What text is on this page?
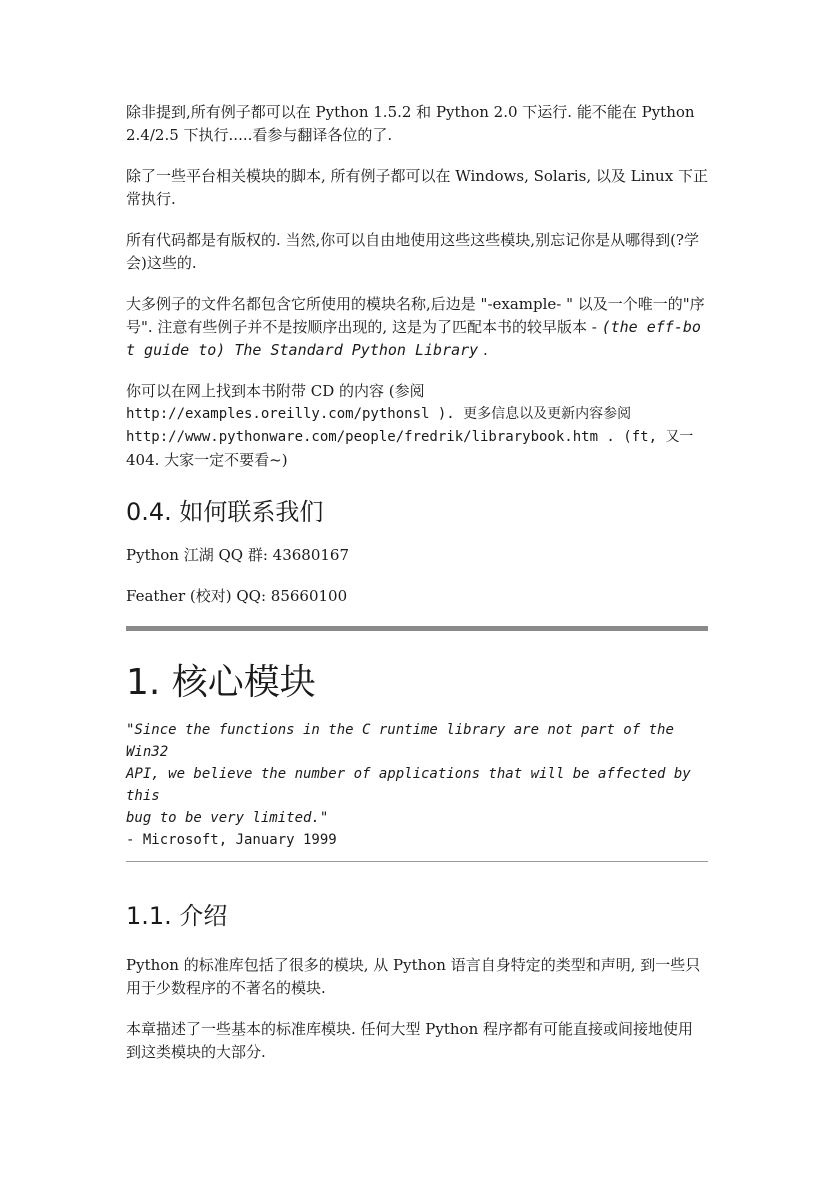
除非提到,所有例子都可以在 Python 1.5.2 和 Python 2.0 下运行. 能不能在 Python 2.4/2.5 下执行.....看参与翻译各位的了.

除了一些平台相关模块的脚本, 所有例子都可以在 Windows, Solaris, 以及 Linux 下正常执行.

所有代码都是有版权的. 当然,你可以自由地使用这些这些模块,别忘记你是从哪得到(?学会)这些的.

大多例子的文件名都包含它所使用的模块名称,后边是 "-example- " 以及一个唯一的"序号". 注意有些例子并不是按顺序出现的, 这是为了匹配本书的较早版本 - (the eff-bot guide to) The Standard Python Library .

你可以在网上找到本书附带 CD 的内容 (参阅
http://examples.oreilly.com/pythonsl ). 更多信息以及更新内容参阅
http://www.pythonware.com/people/fredrik/librarybook.htm . (ft, 又一
404. 大家一定不要看~)
0.4. 如何联系我们

Python 江湖 QQ 群: 43680167

Feather (校对) QQ: 85660100

1. 核心模块
"Since the functions in the C runtime library are not part of the Win32
API, we believe the number of applications that will be affected by this
bug to be very limited."
- Microsoft, January 1999
1.1. 介绍

Python 的标准库包括了很多的模块, 从 Python 语言自身特定的类型和声明, 到一些只用于少数程序的不著名的模块.

本章描述了一些基本的标准库模块. 任何大型 Python 程序都有可能直接或间接地使用到这类模块的大部分.
